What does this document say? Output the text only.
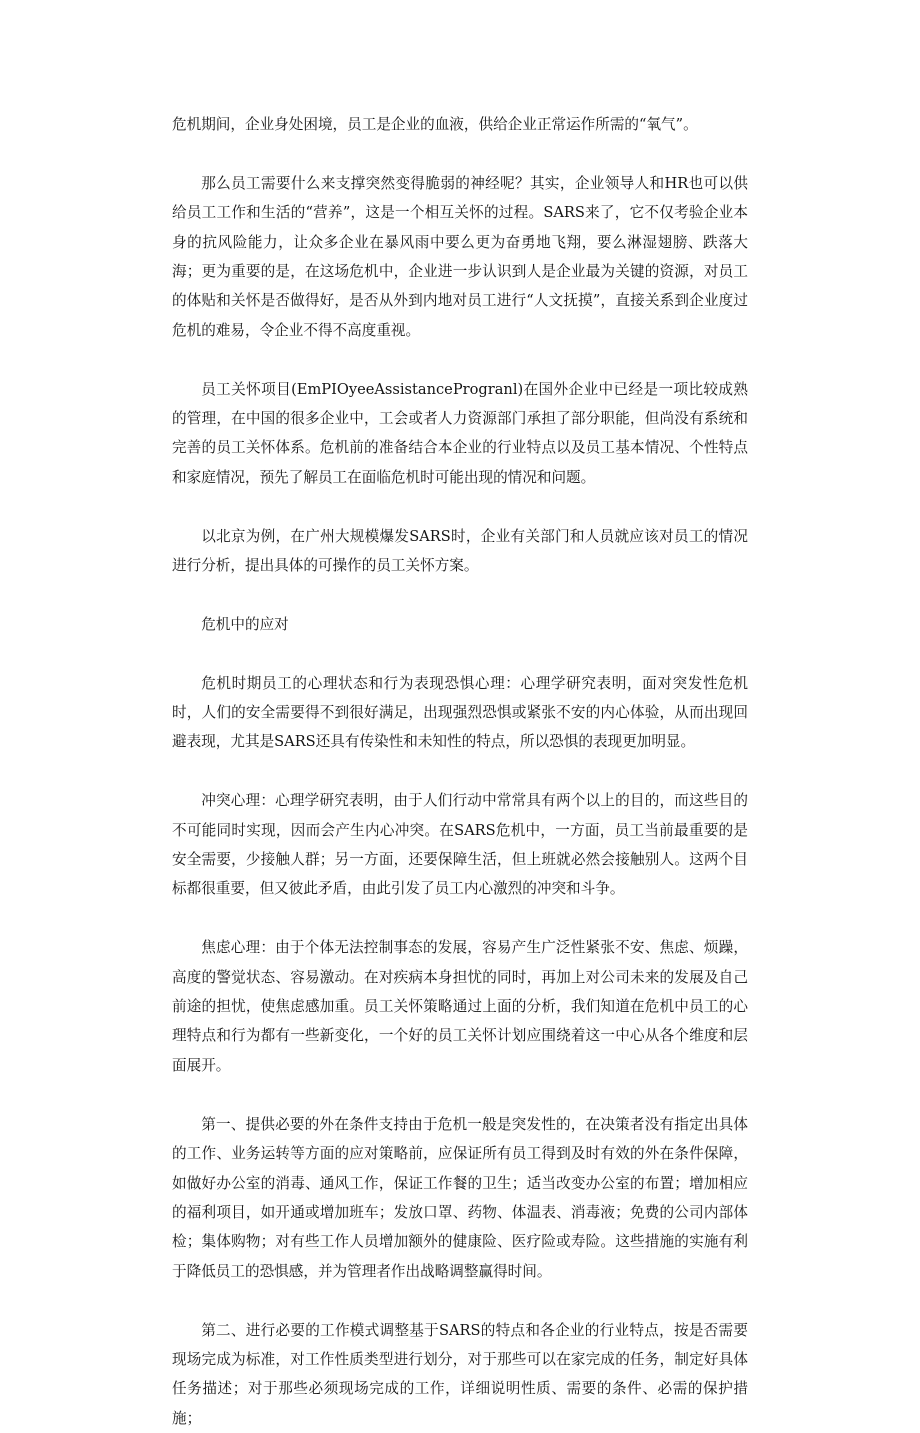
危机期间，企业身处困境，员工是企业的血液，供给企业正常运作所需的“氧气”。

那么员工需要什么来支撑突然变得脆弱的神经呢？其实，企业领导人和HR也可以供给员工工作和生活的“营养”，这是一个相互关怀的过程。SARS来了，它不仅考验企业本身的抗风险能力，让众多企业在暴风雨中要么更为奋勇地飞翔，要么淋湿翅膀、跌落大海；更为重要的是，在这场危机中，企业进一步认识到人是企业最为关键的资源，对员工的体贴和关怀是否做得好，是否从外到内地对员工进行“人文抚摸”，直接关系到企业度过危机的难易，令企业不得不高度重视。

员工关怀项目(EmPIOyeeAssistanceProgranl)在国外企业中已经是一项比较成熟的管理，在中国的很多企业中，工会或者人力资源部门承担了部分职能，但尚没有系统和完善的员工关怀体系。危机前的准备结合本企业的行业特点以及员工基本情况、个性特点和家庭情况，预先了解员工在面临危机时可能出现的情况和问题。

以北京为例，在广州大规模爆发SARS时，企业有关部门和人员就应该对员工的情况进行分析，提出具体的可操作的员工关怀方案。

危机中的应对

危机时期员工的心理状态和行为表现恐惧心理：心理学研究表明，面对突发性危机时，人们的安全需要得不到很好满足，出现强烈恐惧或紧张不安的内心体验，从而出现回避表现，尤其是SARS还具有传染性和未知性的特点，所以恐惧的表现更加明显。

冲突心理：心理学研究表明，由于人们行动中常常具有两个以上的目的，而这些目的不可能同时实现，因而会产生内心冲突。在SARS危机中，一方面，员工当前最重要的是安全需要，少接触人群；另一方面，还要保障生活，但上班就必然会接触别人。这两个目标都很重要，但又彼此矛盾，由此引发了员工内心激烈的冲突和斗争。

焦虑心理：由于个体无法控制事态的发展，容易产生广泛性紧张不安、焦虑、烦躁，高度的警觉状态、容易激动。在对疾病本身担忧的同时，再加上对公司未来的发展及自己前途的担忧，使焦虑感加重。员工关怀策略通过上面的分析，我们知道在危机中员工的心理特点和行为都有一些新变化，一个好的员工关怀计划应围绕着这一中心从各个维度和层面展开。

第一、提供必要的外在条件支持由于危机一般是突发性的，在决策者没有指定出具体的工作、业务运转等方面的应对策略前，应保证所有员工得到及时有效的外在条件保障，如做好办公室的消毒、通风工作，保证工作餐的卫生；适当改变办公室的布置；增加相应的福利项目，如开通或增加班车；发放口罩、药物、体温表、消毒液；免费的公司内部体检；集体购物；对有些工作人员增加额外的健康险、医疗险或寿险。这些措施的实施有利于降低员工的恐惧感，并为管理者作出战略调整赢得时间。

第二、进行必要的工作模式调整基于SARS的特点和各企业的行业特点，按是否需要现场完成为标准，对工作性质类型进行划分，对于那些可以在家完成的任务，制定好具体任务描述；对于那些必须现场完成的工作，详细说明性质、需要的条件、必需的保护措施；
